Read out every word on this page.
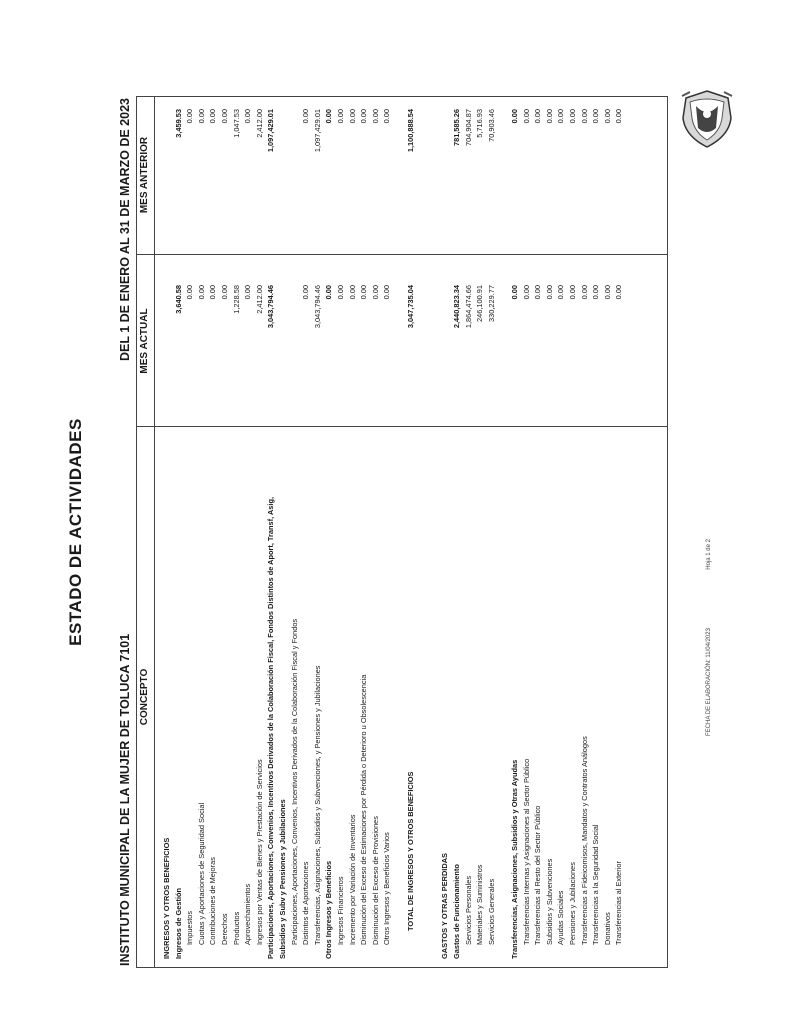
ESTADO DE ACTIVIDADES
INSTITUTO MUNICIPAL DE LA MUJER DE TOLUCA 7101
DEL 1 DE ENERO AL 31 DE MARZO DE 2023
CONCEPTO
MES ACTUAL
MES ANTERIOR
INGRESOS Y OTROS BENEFICIOS Ingresos de Gestión
3,640.58
3,459.53
Impuestos
0.00
0.00
Cuotas y Aportaciones de Seguridad Social
0.00
0.00
Contribuciones de Mejoras
0.00
0.00
Derechos
0.00
0.00
Productos
1,228.58
1,047.53
Aprovechamientos
0.00
0.00
Ingresos por Ventas de Bienes y Prestación de Servicios
2,412.00
2,412.00
Participaciones, Aportaciones, Convenios, Incentivos Derivados de la Colaboración Fiscal, Fondos Distintos de Aport, Transf, Asig,
3,043,794.46
1,097,429.01
Subsidios y Subv y Pensiones y Jubilaciones Participaciones, Aportaciones, Convenios, Incentivos Derivados de la Colaboración Fiscal y Fondos Distintos de Aportaciones
0.00
0.00
Transferencias, Asignaciones, Subsidios y Subvenciones, y Pensiones y Jubilaciones
3,043,794.46
1,097,429.01
Otros Ingresos y Beneficios
0.00
0.00
Ingresos Financieros
0.00
0.00
Incremento por Variación de Inventarios
0.00
0.00
Disminución del Exceso de Estimaciones por Pérdida o Deterioro u Obsolescencia
0.00
0.00
Disminución del Exceso de Provisiones
0.00
0.00
Otros Ingresos y Beneficios Varios
0.00
0.00
TOTAL DE INGRESOS Y OTROS BENEFICIOS
3,047,735.04
1,100,888.54
GASTOS Y OTRAS PERDIDAS Gastos de Funcionamiento
2,440,823.34
781,585.26
Servicios Personales
1,864,474.66
704,904.87
Materiales y Suministros
246,100.91
5,716.93
Servicios Generales
330,229.77
70,903.46
Transferencias, Asignaciones, Subsidios y Otras Ayudas
0.00
0.00
Transferencias Internas y Asignaciones al Sector Público
0.00
0.00
Transferencias al Resto del Sector Público
0.00
0.00
Subsidios y Subvenciones
0.00
0.00
Ayudas Sociales
0.00
0.00
Pensiones y Jubilaciones
0.00
0.00
Transferencias a Fideicomisos, Mandatos y Contratos Análogos
0.00
0.00
Transferencias a la Seguridad Social
0.00
0.00
Donativos
0.00
0.00
Transferencias al Exterior
0.00
0.00
FECHA DE ELABORACIÓN: 11/04/2023                                   Hoja 1 de 2
